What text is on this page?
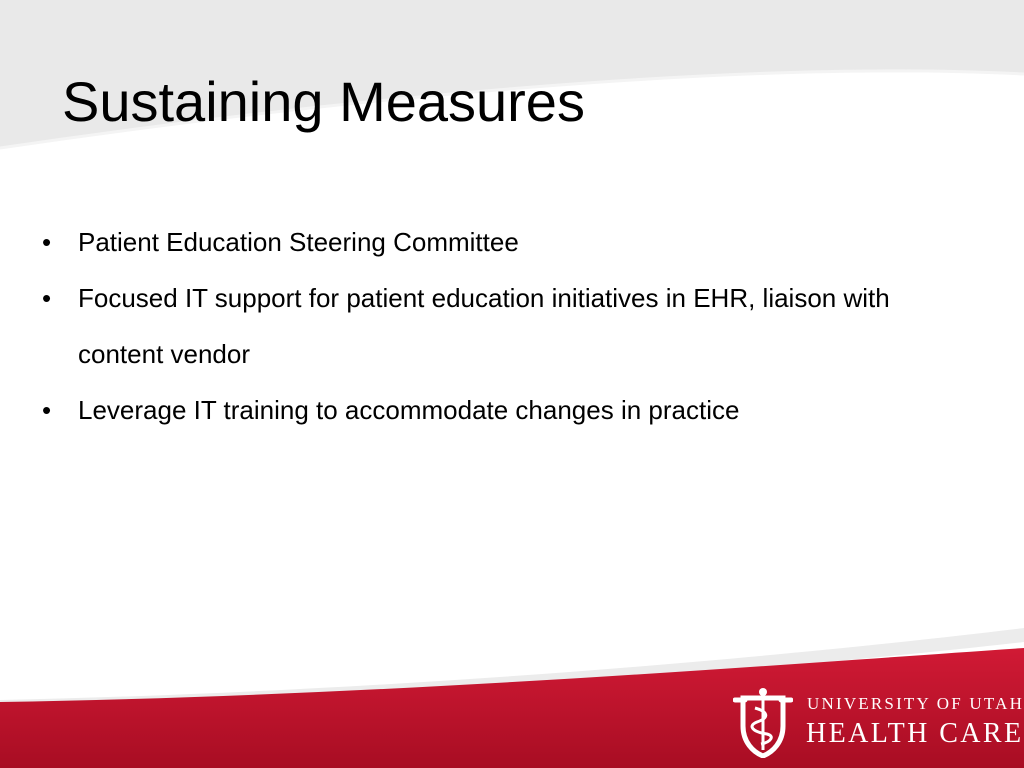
Sustaining Measures
•	Patient Education Steering Committee
•	Focused IT support for patient education initiatives in EHR, liaison with content vendor
•	Leverage IT training to accommodate changes in practice
UNIVERSITY OF UTAH
HEALTH CARE
